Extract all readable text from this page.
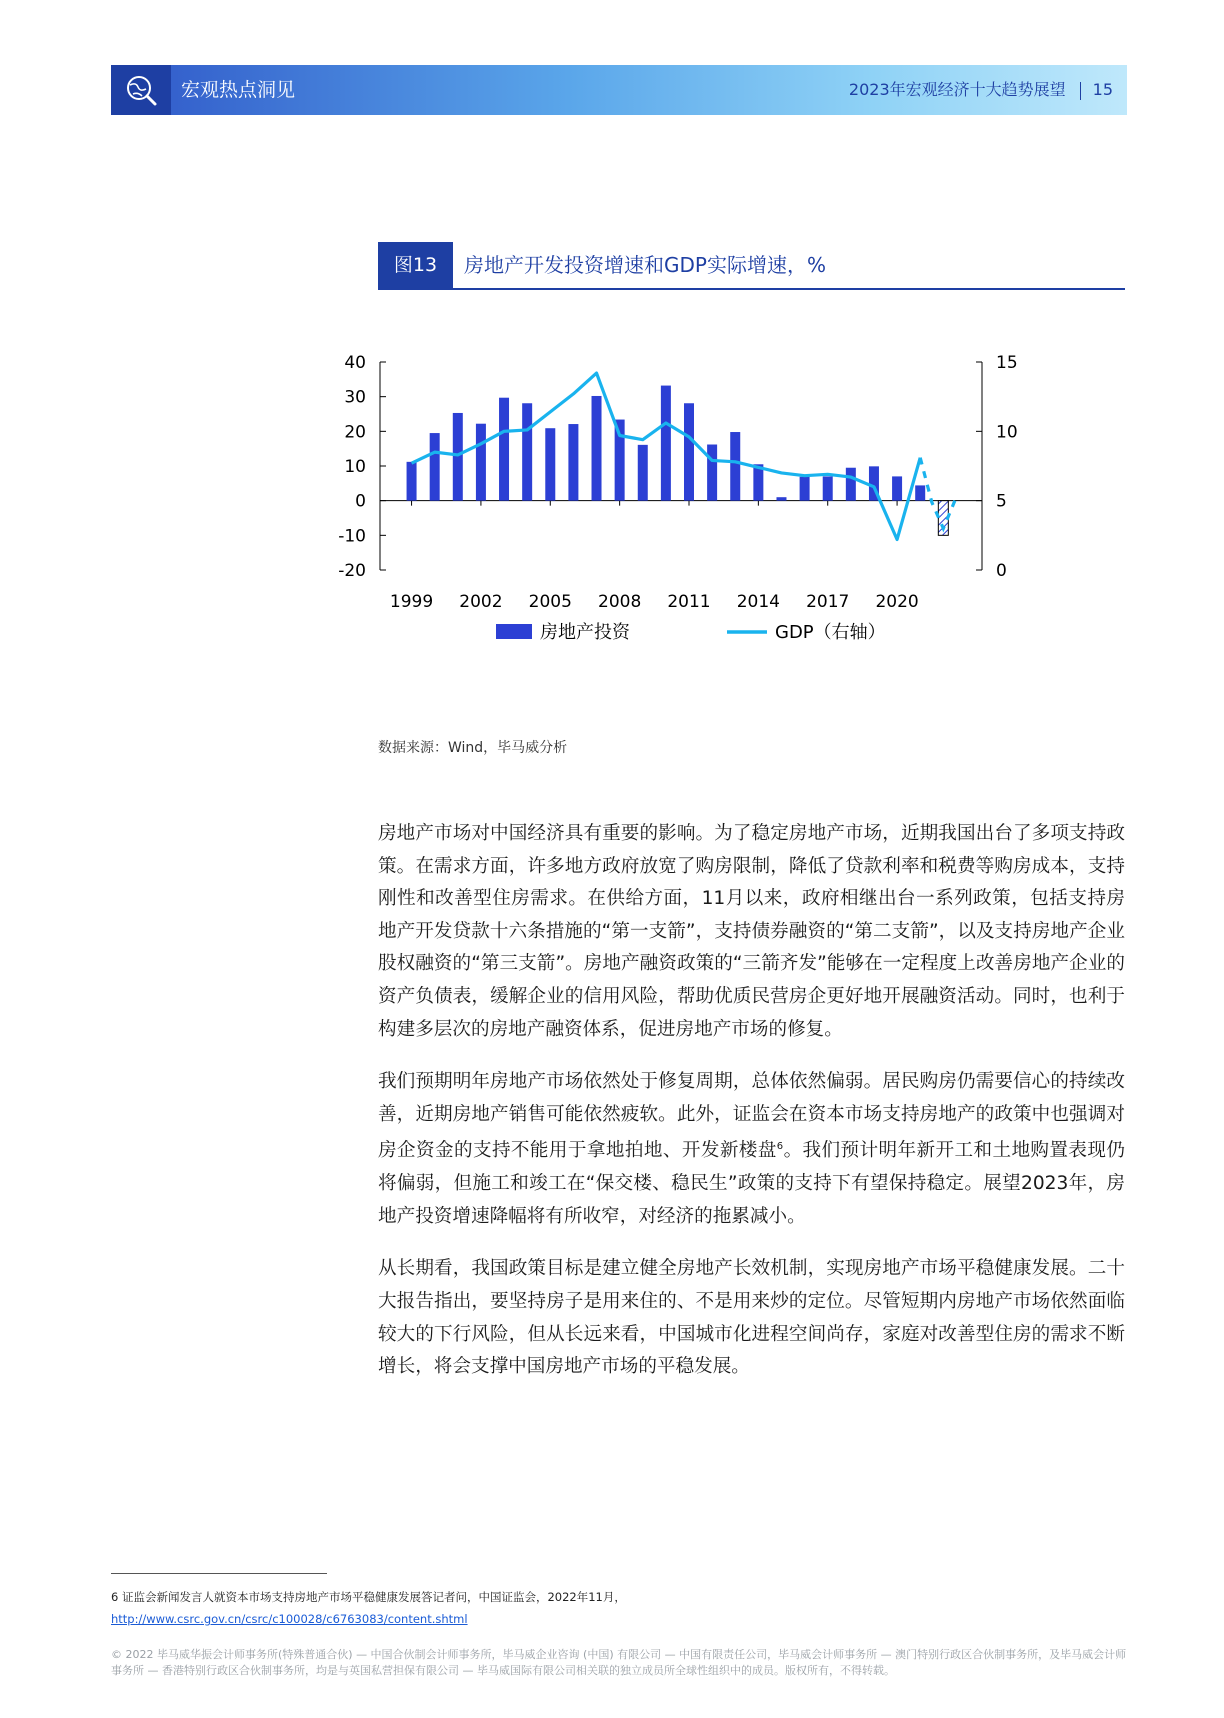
宏观热点洞见	2023年宏观经济十大趋势展望 15
图13	房地产开发投资增速和GDP实际增速，%
40
30
20
10
0
-10
-20
15
10
5
0
1999 2002 2005 2008 2011 2014 2017 2020
房地产投资	GDP（右轴）
数据来源：Wind，毕马威分析

房地产市场对中国经济具有重要的影响。为了稳定房地产市场，近期我国出台了多项支持政策。在需求方面，许多地方政府放宽了购房限制，降低了贷款利率和税费等购房成本，支持刚性和改善型住房需求。在供给方面，11月以来，政府相继出台一系列政策，包括支持房地产开发贷款十六条措施的“第一支箭”，支持债券融资的“第二支箭”，以及支持房地产企业股权融资的“第三支箭”。房地产融资政策的“三箭齐发”能够在一定程度上改善房地产企业的资产负债表，缓解企业的信用风险，帮助优质民营房企更好地开展融资活动。同时，也利于构建多层次的房地产融资体系，促进房地产市场的修复。

我们预期明年房地产市场依然处于修复周期，总体依然偏弱。居民购房仍需要信心的持续改善，近期房地产销售可能依然疲软。此外，证监会在资本市场支持房地产的政策中也强调对房企资金的支持不能用于拿地拍地、开发新楼盘$^6$。我们预计明年新开工和土地购置表现仍将偏弱，但施工和竣工在“保交楼、稳民生”政策的支持下有望保持稳定。展望2023年，房地产投资增速降幅将有所收窄，对经济的拖累减小。

从长期看，我国政策目标是建立健全房地产长效机制，实现房地产市场平稳健康发展。二十大报告指出，要坚持房子是用来住的、不是用来炒的定位。尽管短期内房地产市场依然面临较大的下行风险，但从长远来看，中国城市化进程空间尚存，家庭对改善型住房的需求不断增长，将会支撑中国房地产市场的平稳发展。

6 证监会新闻发言人就资本市场支持房地产市场平稳健康发展答记者问，中国证监会，2022年11月，
http://www.csrc.gov.cn/csrc/c100028/c6763083/content.shtml
© 2022 毕马威华振会计师事务所(特殊普通合伙) — 中国合伙制会计师事务所，毕马威企业咨询 (中国) 有限公司 — 中国有限责任公司，毕马威会计师事务所 — 澳门特别行政区合伙制事务所，及毕马威会计师事务所 — 香港特别行政区合伙制事务所，均是与英国私营担保有限公司 — 毕马威国际有限公司相关联的独立成员所全球性组织中的成员。版权所有，不得转载。
